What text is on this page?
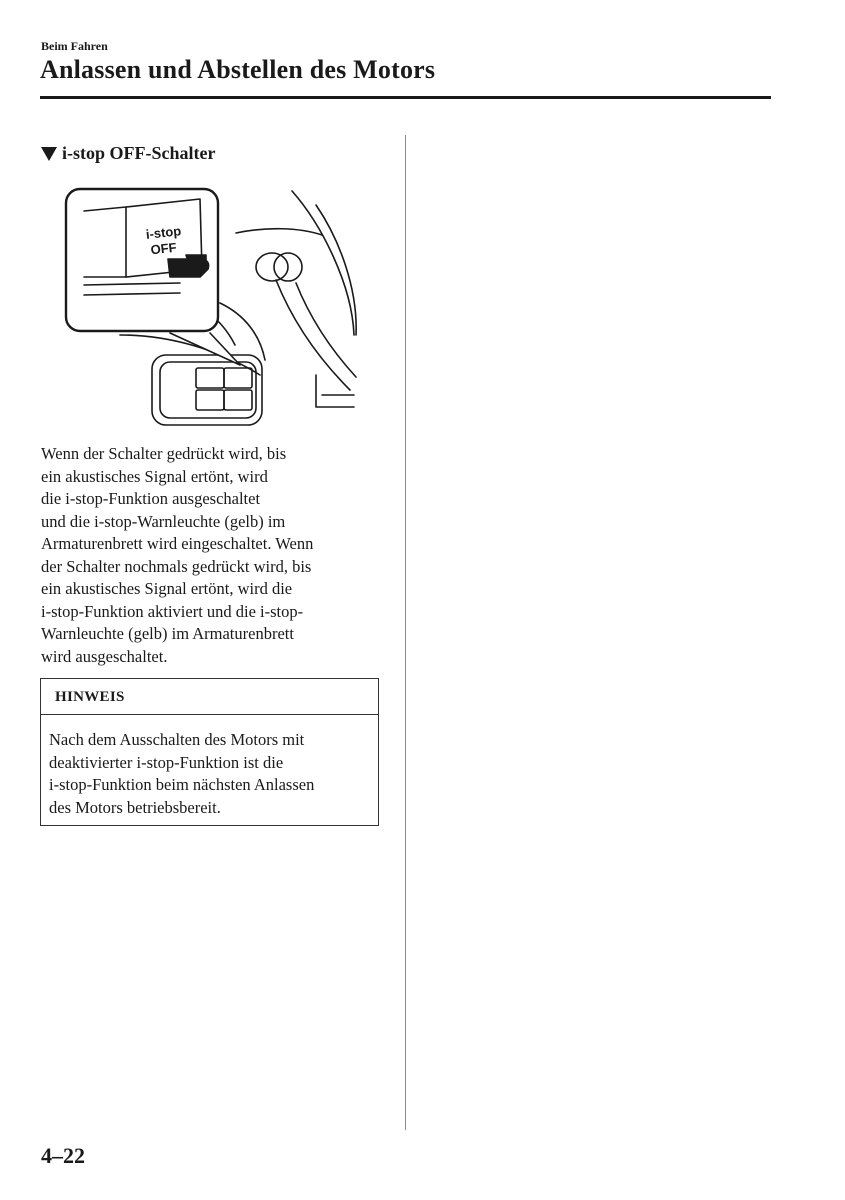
Beim Fahren
Anlassen und Abstellen des Motors
i-stop OFF-Schalter
i-stop
OFF
Wenn der Schalter gedrückt wird, bis
ein akustisches Signal ertönt, wird
die i-stop-Funktion ausgeschaltet
und die i-stop-Warnleuchte (gelb) im
Armaturenbrett wird eingeschaltet. Wenn
der Schalter nochmals gedrückt wird, bis
ein akustisches Signal ertönt, wird die
i-stop-Funktion aktiviert und die i-stop-
Warnleuchte (gelb) im Armaturenbrett
wird ausgeschaltet.
HINWEIS
Nach dem Ausschalten des Motors mit
deaktivierter i-stop-Funktion ist die
i-stop-Funktion beim nächsten Anlassen
des Motors betriebsbereit.
4–22
